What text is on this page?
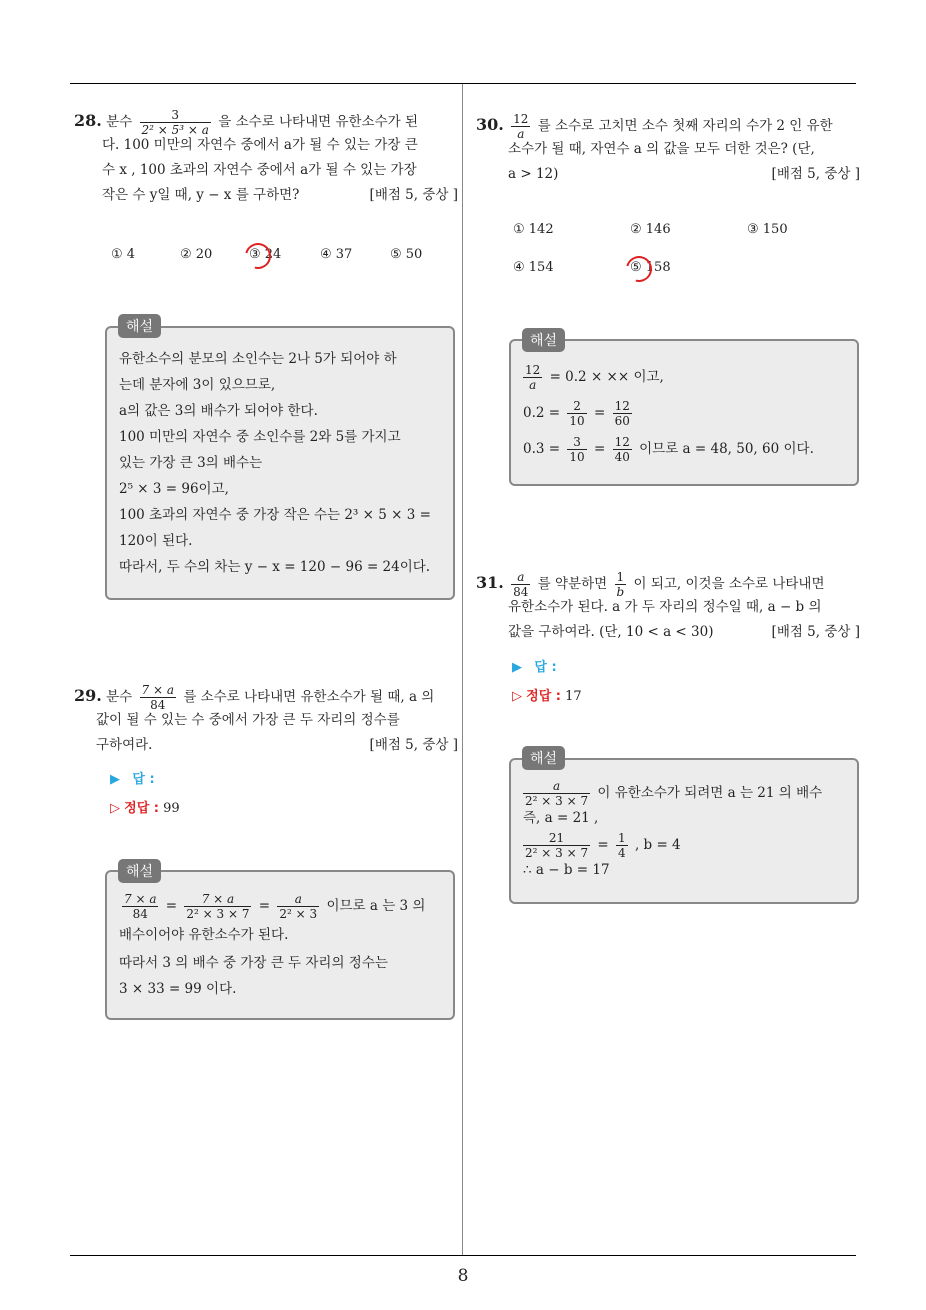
8
28. 분수 $\frac{3}{\text{2² × 5³ × a}}$ 을 소수로 나타내면 유한소수가 된
다. 100 미만의 자연수 중에서 a가 될 수 있는 가장 큰
수 x , 100 초과의 자연수 중에서 a가 될 수 있는 가장
작은 수 y일 때, y − x 를 구하면?	[배점 5, 중상 ]
① 4	② 20	③ 24	④ 37	⑤ 50
유한소수의 분모의 소인수는 2나 5가 되어야 하
는데 분자에 3이 있으므로,
a의 값은 3의 배수가 되어야 한다.
100 미만의 자연수 중 소인수를 2와 5를 가지고
있는 가장 큰 3의 배수는
2⁵ × 3 = 96이고,
100 초과의 자연수 중 가장 작은 수는 2³ × 5 × 3 =
120이 된다.
따라서, 두 수의 차는 y − x = 120 − 96 = 24이다.
해설
29. 분수 $\frac{7 \times a}{84}$ 를 소수로 나타내면 유한소수가 될 때, a 의
값이 될 수 있는 수 중에서 가장 큰 두 자리의 정수를
구하여라.	[배점 5, 중상 ]
▶ 답 :
▷ 정답 : 99
$\frac{7 \times a}{84} = \frac{7 \times a}{\text{2² × 3 × 7}} = \frac{a}{\text{2² × 3}}$ 이므로 a 는 3 의
배수이어야 유한소수가 된다.
따라서 3 의 배수 중 가장 큰 두 자리의 정수는
3 × 33 = 99 이다.
해설
30. $\frac{12}{a}$ 를 소수로 고치면 소수 첫째 자리의 수가 2 인 유한
소수가 될 때, 자연수 a 의 값을 모두 더한 것은? (단,
a > 12)	[배점 5, 중상 ]
① 142	② 146	③ 150
④ 154	⑤ 158
$\frac{12}{a} = 0.2$ × ×× 이고,
$0.2 = \frac{2}{10} = \frac{12}{60}$
$0.3 = \frac{3}{10} = \frac{12}{40}$ 이므로 a = 48, 50, 60 이다.
해설
31. $\frac{a}{84}$ 를 약분하면 $\frac{1}{b}$ 이 되고, 이것을 소수로 나타내면
유한소수가 된다. a 가 두 자리의 정수일 때, a − b 의
값을 구하여라. (단, 10 < a < 30)	[배점 5, 중상 ]
▶ 답 :
▷ 정답 : 17
$\frac{a}{\text{2² × 3 × 7}}$ 이 유한소수가 되려면 a 는 21 의 배수
즉, a = 21 ,
$\frac{21}{\text{2² × 3 × 7}} = \frac{1}{4}$ , b = 4
∴ a − b = 17
해설
